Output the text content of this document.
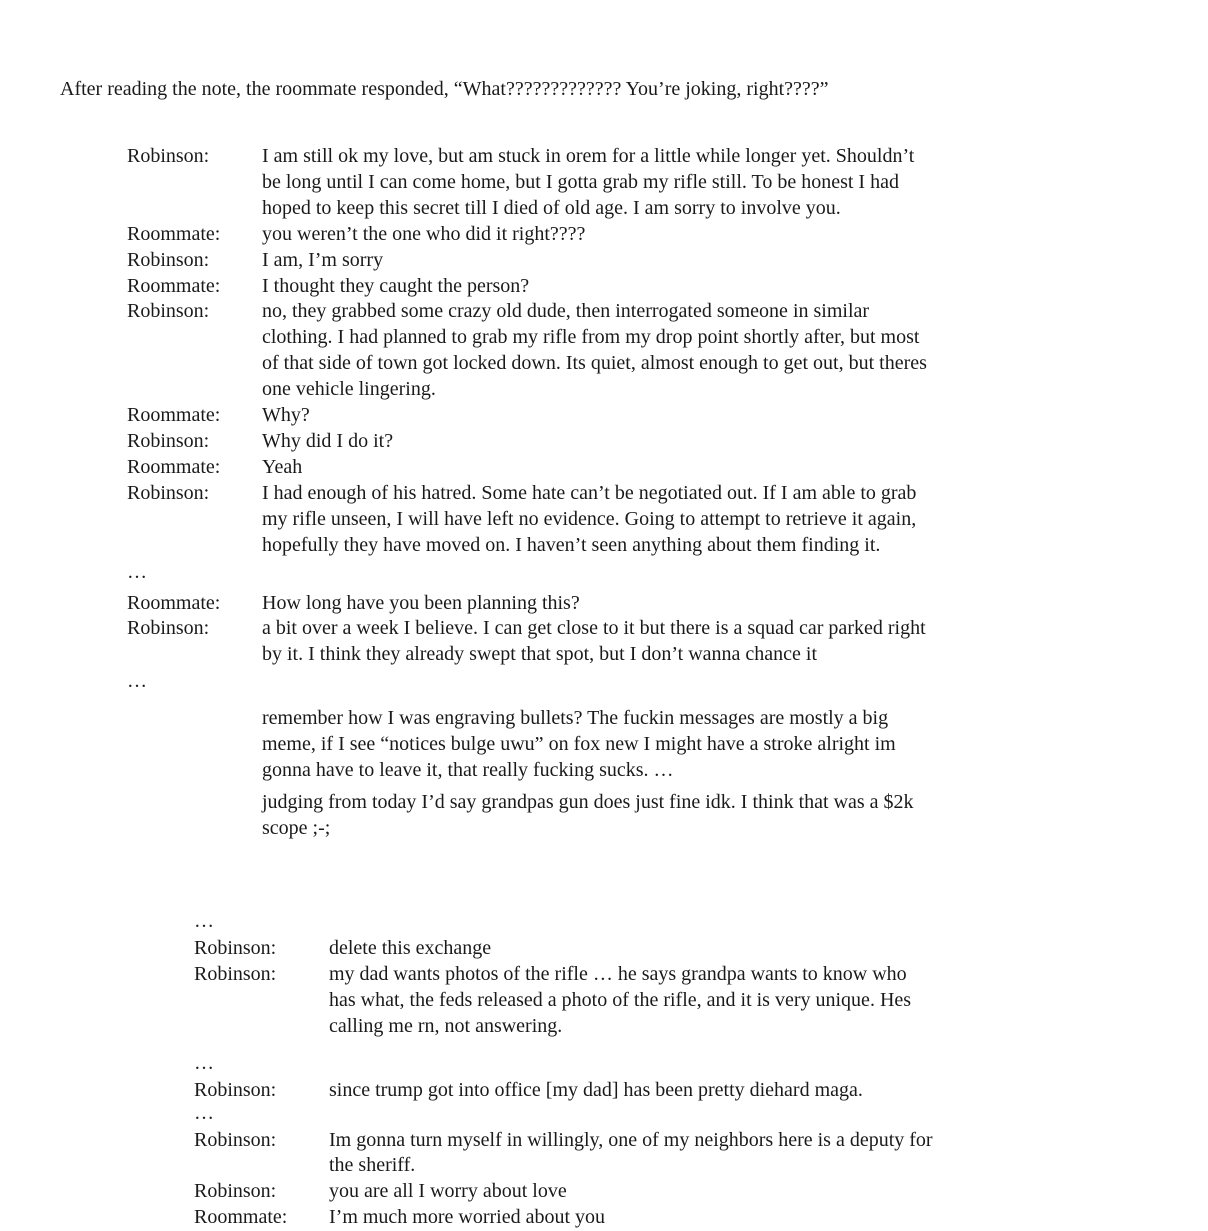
After reading the note, the roommate responded, “What????????????? You’re joking, right????”

Robinson:	I am still ok my love, but am stuck in orem for a little while longer yet. Shouldn’t be long until I can come home, but I gotta grab my rifle still. To be honest I had hoped to keep this secret till I died of old age. I am sorry to involve you.
Roommate:	you weren’t the one who did it right????
Robinson:	I am, I’m sorry
Roommate:	I thought they caught the person?
Robinson:	no, they grabbed some crazy old dude, then interrogated someone in similar clothing. I had planned to grab my rifle from my drop point shortly after, but most of that side of town got locked down. Its quiet, almost enough to get out, but theres one vehicle lingering.
Roommate:	Why?
Robinson:	Why did I do it?
Roommate:	Yeah
Robinson:	I had enough of his hatred. Some hate can’t be negotiated out. If I am able to grab my rifle unseen, I will have left no evidence. Going to attempt to retrieve it again, hopefully they have moved on. I haven’t seen anything about them finding it.
…
Roommate:	How long have you been planning this?
Robinson:	a bit over a week I believe. I can get close to it but there is a squad car parked right by it. I think they already swept that spot, but I don’t wanna chance it
…
remember how I was engraving bullets? The fuckin messages are mostly a big meme, if I see “notices bulge uwu” on fox new I might have a stroke alright im gonna have to leave it, that really fucking sucks. …
judging from today I’d say grandpas gun does just fine idk. I think that was a $2k scope ;-;
…
Robinson:	delete this exchange
Robinson:	my dad wants photos of the rifle … he says grandpa wants to know who has what, the feds released a photo of the rifle, and it is very unique. Hes calling me rn, not answering.
…
Robinson:	since trump got into office [my dad] has been pretty diehard maga.
…
Robinson:	Im gonna turn myself in willingly, one of my neighbors here is a deputy for the sheriff.
Robinson:	you are all I worry about love
Roommate:	I’m much more worried about you
